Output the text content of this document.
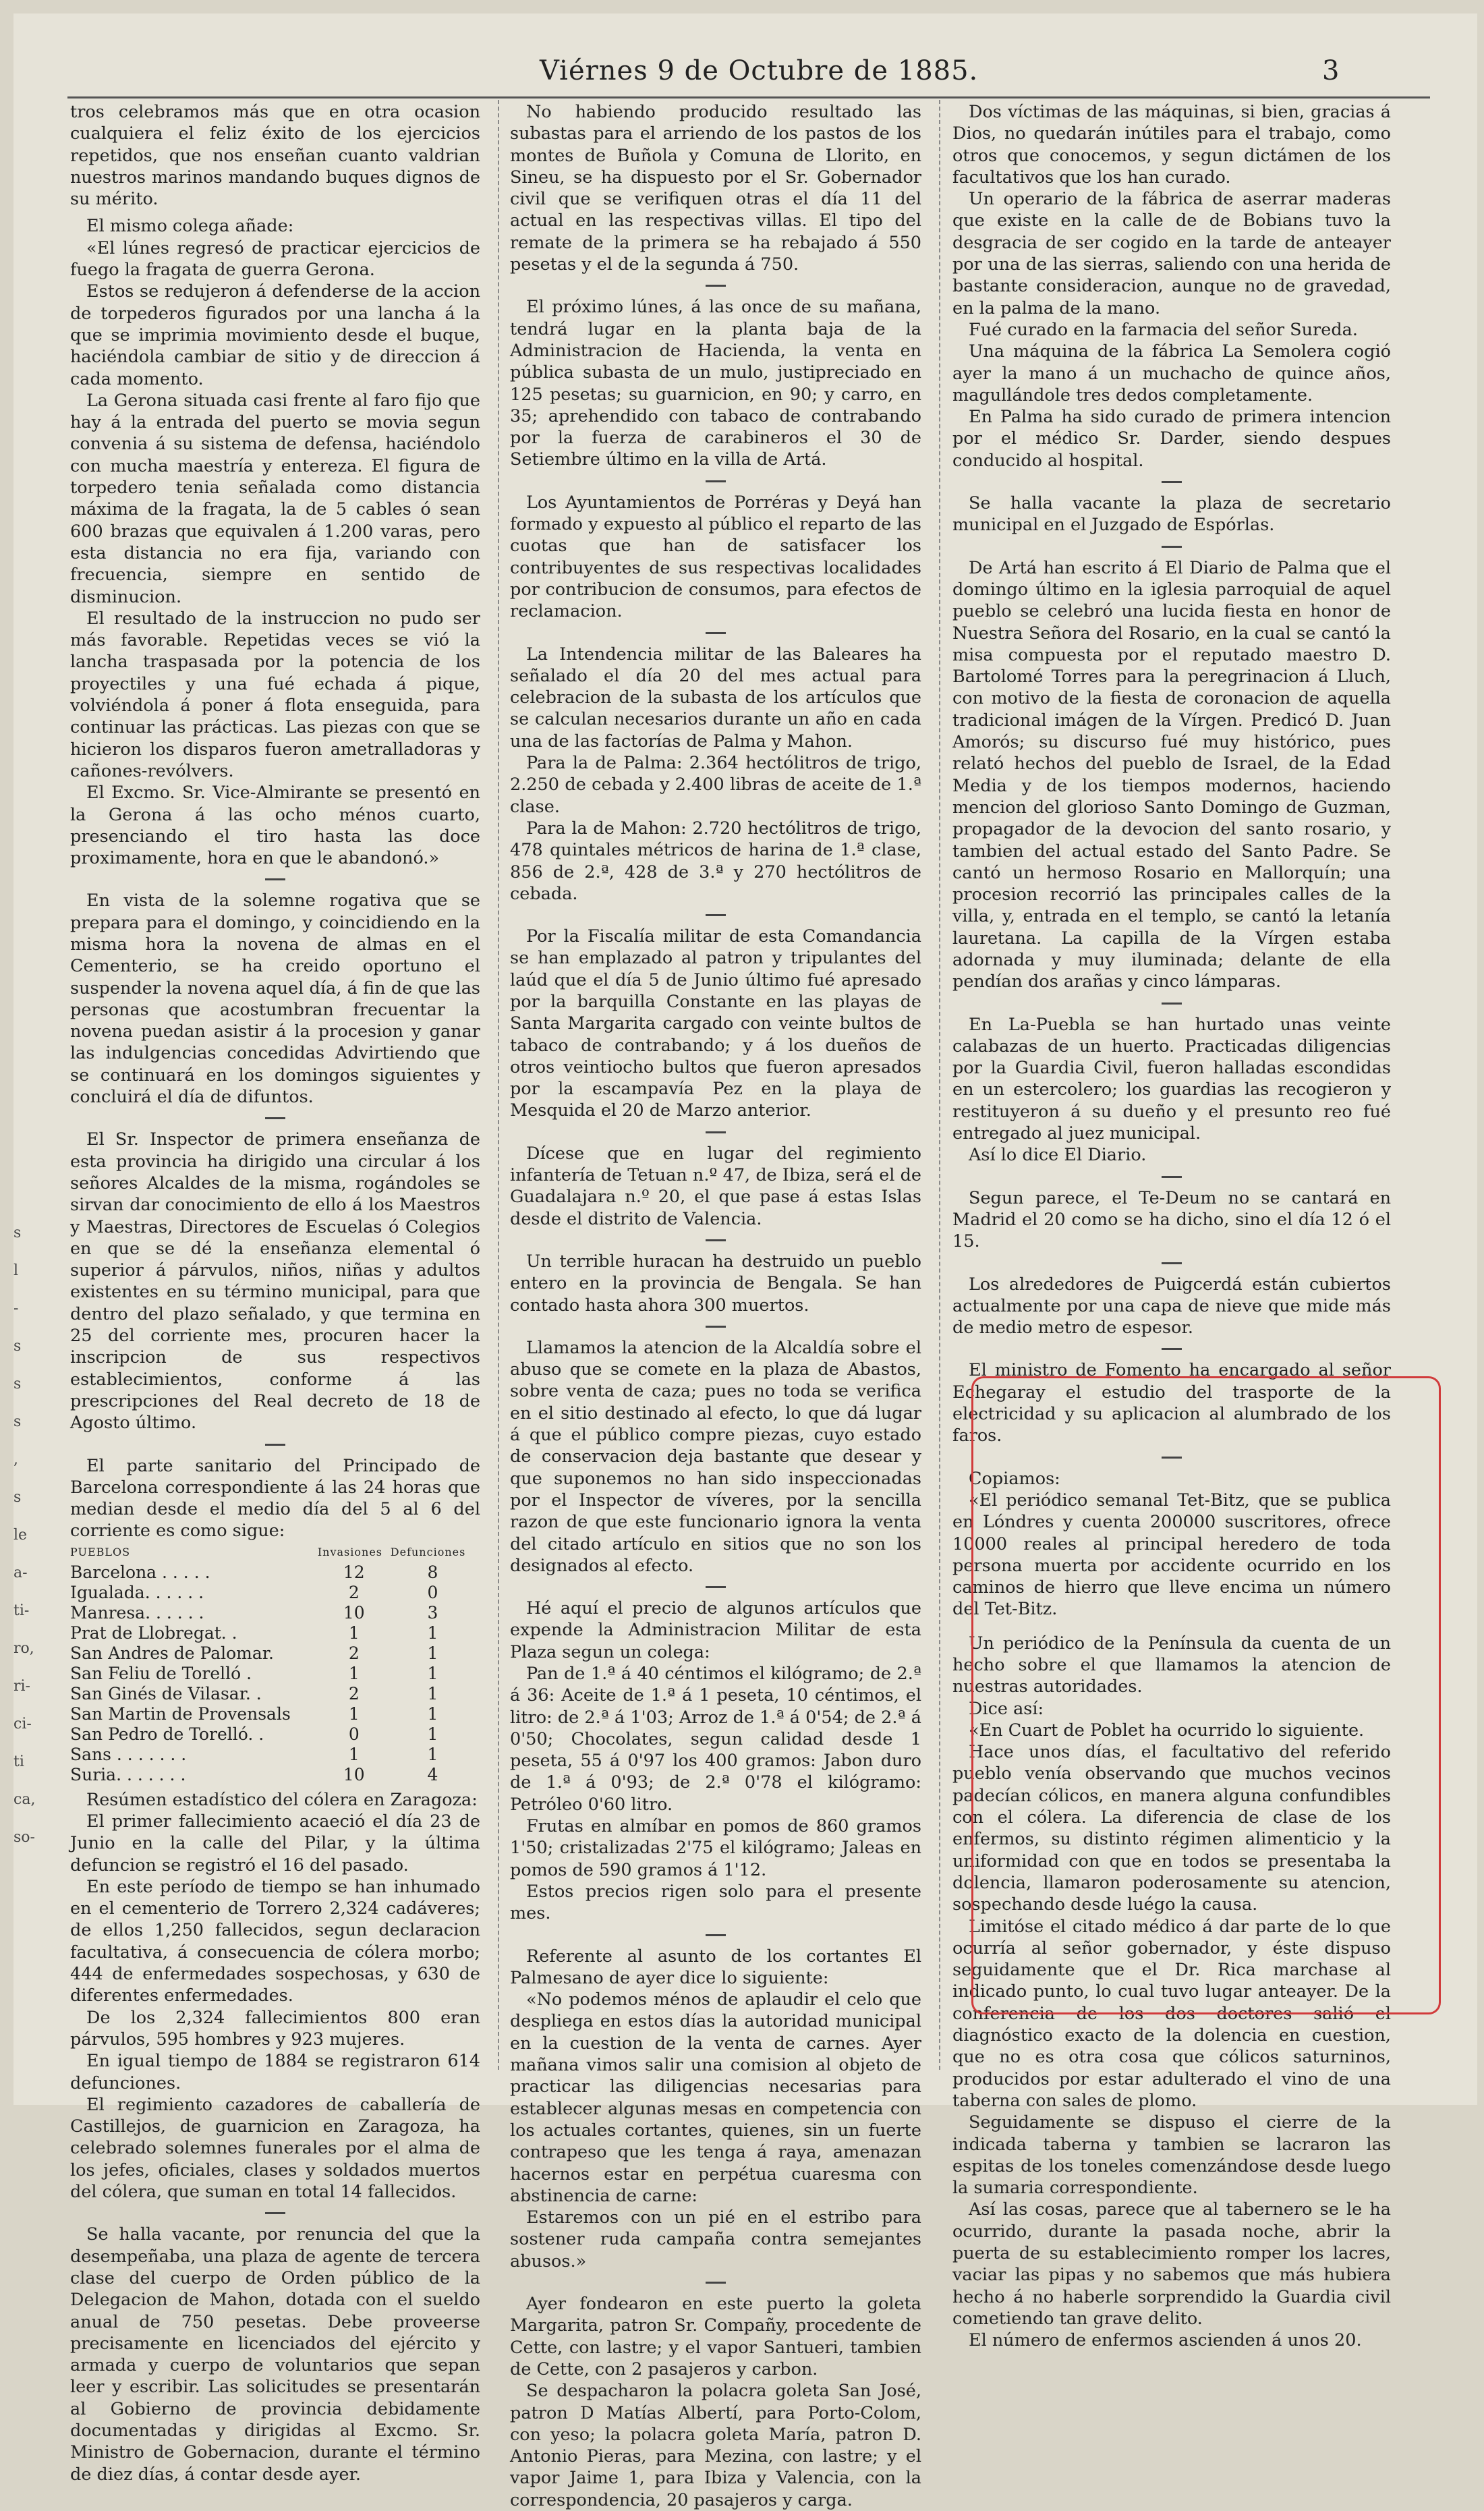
Viérnes 9 de Octubre de 1885.	3
s
l
-
s
s
s
,
s
le
a-
ti-
ro,
ri-
ci-
ti
ca,
so-

tros celebramos más que en otra ocasion cualquiera el feliz éxito de los ejercicios repetidos, que nos enseñan cuanto valdrian nuestros marinos mandando buques dignos de su mérito.

El mismo colega añade:

«El lúnes regresó de practicar ejercicios de fuego la fragata de guerra Gerona.

Estos se redujeron á defenderse de la accion de torpederos figurados por una lancha á la que se imprimia movimiento desde el buque, haciéndola cambiar de sitio y de direccion á cada momento.

La Gerona situada casi frente al faro fijo que hay á la entrada del puerto se movia segun convenia á su sistema de defensa, haciéndolo con mucha maestría y entereza. El figura de torpedero tenia señalada como distancia máxima de la fragata, la de 5 cables ó sean 600 brazas que equivalen á 1.200 varas, pero esta distancia no era fija, variando con frecuencia, siempre en sentido de disminucion.

El resultado de la instruccion no pudo ser más favorable. Repetidas veces se vió la lancha traspasada por la potencia de los proyectiles y una fué echada á pique, volviéndola á poner á flota enseguida, para continuar las prácticas. Las piezas con que se hicieron los disparos fueron ametralladoras y cañones-revólvers.

El Excmo. Sr. Vice-Almirante se presentó en la Gerona á las ocho ménos cuarto, presenciando el tiro hasta las doce proximamente, hora en que le abandonó.»

En vista de la solemne rogativa que se prepara para el domingo, y coincidiendo en la misma hora la novena de almas en el Cementerio, se ha creido oportuno el suspender la novena aquel día, á fin de que las personas que acostumbran frecuentar la novena puedan asistir á la procesion y ganar las indulgencias concedidas Advirtiendo que se continuará en los domingos siguientes y concluirá el día de difuntos.

El Sr. Inspector de primera enseñanza de esta provincia ha dirigido una circular á los señores Alcaldes de la misma, rogándoles se sirvan dar conocimiento de ello á los Maestros y Maestras, Directores de Escuelas ó Colegios en que se dé la enseñanza elemental ó superior á párvulos, niños, niñas y adultos existentes en su término municipal, para que dentro del plazo señalado, y que termina en 25 del corriente mes, procuren hacer la inscripcion de sus respectivos establecimientos, conforme á las prescripciones del Real decreto de 18 de Agosto último.

El parte sanitario del Principado de Barcelona correspondiente á las 24 horas que median desde el medio día del 5 al 6 del corriente es como sigue:

PUEBLOS	Invasiones	Defunciones
Barcelona . . . . .	12	8
Igualada. . . . . .	2	0
Manresa. . . . . .	10	3
Prat de Llobregat. .	1	1
San Andres de Palomar.	2	1
San Feliu de Torelló .	1	1
San Ginés de Vilasar. .	2	1
San Martin de Provensals	1	1
San Pedro de Torelló. .	0	1
Sans . . . . . . .	1	1
Suria. . . . . . .	10	4

Resúmen estadístico del cólera en Zaragoza:

El primer fallecimiento acaeció el día 23 de Junio en la calle del Pilar, y la última defuncion se registró el 16 del pasado.

En este período de tiempo se han inhumado en el cementerio de Torrero 2,324 cadáveres; de ellos 1,250 fallecidos, segun declaracion facultativa, á consecuencia de cólera morbo; 444 de enfermedades sospechosas, y 630 de diferentes enfermedades.

De los 2,324 fallecimientos 800 eran párvulos, 595 hombres y 923 mujeres.

En igual tiempo de 1884 se registraron 614 defunciones.

El regimiento cazadores de caballería de Castillejos, de guarnicion en Zaragoza, ha celebrado solemnes funerales por el alma de los jefes, oficiales, clases y soldados muertos del cólera, que suman en total 14 fallecidos.

Se halla vacante, por renuncia del que la desempeñaba, una plaza de agente de tercera clase del cuerpo de Orden público de la Delegacion de Mahon, dotada con el sueldo anual de 750 pesetas. Debe proveerse precisamente en licenciados del ejército y armada y cuerpo de voluntarios que sepan leer y escribir. Las solicitudes se presentarán al Gobierno de provincia debidamente documentadas y dirigidas al Excmo. Sr. Ministro de Gobernacion, durante el término de diez días, á contar desde ayer.

No habiendo producido resultado las subastas para el arriendo de los pastos de los montes de Buñola y Comuna de Llorito, en Sineu, se ha dispuesto por el Sr. Gobernador civil que se verifiquen otras el día 11 del actual en las respectivas villas. El tipo del remate de la primera se ha rebajado á 550 pesetas y el de la segunda á 750.

El próximo lúnes, á las once de su mañana, tendrá lugar en la planta baja de la Administracion de Hacienda, la venta en pública subasta de un mulo, justipreciado en 125 pesetas; su guarnicion, en 90; y carro, en 35; aprehendido con tabaco de contrabando por la fuerza de carabineros el 30 de Setiembre último en la villa de Artá.

Los Ayuntamientos de Porréras y Deyá han formado y expuesto al público el reparto de las cuotas que han de satisfacer los contribuyentes de sus respectivas localidades por contribucion de consumos, para efectos de reclamacion.

La Intendencia militar de las Baleares ha señalado el día 20 del mes actual para celebracion de la subasta de los artículos que se calculan necesarios durante un año en cada una de las factorías de Palma y Mahon.

Para la de Palma: 2.364 hectólitros de trigo, 2.250 de cebada y 2.400 libras de aceite de 1.ª clase.

Para la de Mahon: 2.720 hectólitros de trigo, 478 quintales métricos de harina de 1.ª clase, 856 de 2.ª, 428 de 3.ª y 270 hectólitros de cebada.

Por la Fiscalía militar de esta Comandancia se han emplazado al patron y tripulantes del laúd que el día 5 de Junio último fué apresado por la barquilla Constante en las playas de Santa Margarita cargado con veinte bultos de tabaco de contrabando; y á los dueños de otros veintiocho bultos que fueron apresados por la escampavía Pez en la playa de Mesquida el 20 de Marzo anterior.

Dícese que en lugar del regimiento infantería de Tetuan n.º 47, de Ibiza, será el de Guadalajara n.º 20, el que pase á estas Islas desde el distrito de Valencia.

Un terrible huracan ha destruido un pueblo entero en la provincia de Bengala. Se han contado hasta ahora 300 muertos.

Llamamos la atencion de la Alcaldía sobre el abuso que se comete en la plaza de Abastos, sobre venta de caza; pues no toda se verifica en el sitio destinado al efecto, lo que dá lugar á que el público compre piezas, cuyo estado de conservacion deja bastante que desear y que suponemos no han sido inspeccionadas por el Inspector de víveres, por la sencilla razon de que este funcionario ignora la venta del citado artículo en sitios que no son los designados al efecto.

Hé aquí el precio de algunos artículos que expende la Administracion Militar de esta Plaza segun un colega:

Pan de 1.ª á 40 céntimos el kilógramo; de 2.ª á 36: Aceite de 1.ª á 1 peseta, 10 céntimos, el litro: de 2.ª á 1'03; Arroz de 1.ª á 0'54; de 2.ª á 0'50; Chocolates, segun calidad desde 1 peseta, 55 á 0'97 los 400 gramos: Jabon duro de 1.ª á 0'93; de 2.ª 0'78 el kilógramo: Petróleo 0'60 litro.

Frutas en almíbar en pomos de 860 gramos 1'50; cristalizadas 2'75 el kilógramo; Jaleas en pomos de 590 gramos á 1'12.

Estos precios rigen solo para el presente mes.

Referente al asunto de los cortantes El Palmesano de ayer dice lo siguiente:

«No podemos ménos de aplaudir el celo que despliega en estos días la autoridad municipal en la cuestion de la venta de carnes. Ayer mañana vimos salir una comision al objeto de practicar las diligencias necesarias para establecer algunas mesas en competencia con los actuales cortantes, quienes, sin un fuerte contrapeso que les tenga á raya, amenazan hacernos estar en perpétua cuaresma con abstinencia de carne:

Estaremos con un pié en el estribo para sostener ruda campaña contra semejantes abusos.»

Ayer fondearon en este puerto la goleta Margarita, patron Sr. Compañy, procedente de Cette, con lastre; y el vapor Santueri, tambien de Cette, con 2 pasajeros y carbon.

Se despacharon la polacra goleta San José, patron D Matías Albertí, para Porto-Colom, con yeso; la polacra goleta María, patron D. Antonio Pieras, para Mezina, con lastre; y el vapor Jaime 1, para Ibiza y Valencia, con la correspondencia, 20 pasajeros y carga.

Dos víctimas de las máquinas, si bien, gracias á Dios, no quedarán inútiles para el trabajo, como otros que conocemos, y segun dictámen de los facultativos que los han curado.

Un operario de la fábrica de aserrar maderas que existe en la calle de de Bobians tuvo la desgracia de ser cogido en la tarde de anteayer por una de las sierras, saliendo con una herida de bastante consideracion, aunque no de gravedad, en la palma de la mano.

Fué curado en la farmacia del señor Sureda.

Una máquina de la fábrica La Semolera cogió ayer la mano á un muchacho de quince años, magullándole tres dedos completamente.

En Palma ha sido curado de primera intencion por el médico Sr. Darder, siendo despues conducido al hospital.

Se halla vacante la plaza de secretario municipal en el Juzgado de Espórlas.

De Artá han escrito á El Diario de Palma que el domingo último en la iglesia parroquial de aquel pueblo se celebró una lucida fiesta en honor de Nuestra Señora del Rosario, en la cual se cantó la misa compuesta por el reputado maestro D. Bartolomé Torres para la peregrinacion á Lluch, con motivo de la fiesta de coronacion de aquella tradicional imágen de la Vírgen. Predicó D. Juan Amorós; su discurso fué muy histórico, pues relató hechos del pueblo de Israel, de la Edad Media y de los tiempos modernos, haciendo mencion del glorioso Santo Domingo de Guzman, propagador de la devocion del santo rosario, y tambien del actual estado del Santo Padre. Se cantó un hermoso Rosario en Mallorquín; una procesion recorrió las principales calles de la villa, y, entrada en el templo, se cantó la letanía lauretana. La capilla de la Vírgen estaba adornada y muy iluminada; delante de ella pendían dos arañas y cinco lámparas.

En La-Puebla se han hurtado unas veinte calabazas de un huerto. Practicadas diligencias por la Guardia Civil, fueron halladas escondidas en un estercolero; los guardias las recogieron y restituyeron á su dueño y el presunto reo fué entregado al juez municipal.

Así lo dice El Diario.

Segun parece, el Te-Deum no se cantará en Madrid el 20 como se ha dicho, sino el día 12 ó el 15.

Los alrededores de Puigcerdá están cubiertos actualmente por una capa de nieve que mide más de medio metro de espesor.

El ministro de Fomento ha encargado al señor Echegaray el estudio del trasporte de la electricidad y su aplicacion al alumbrado de los faros.

Copiamos:

«El periódico semanal Tet-Bitz, que se publica en Lóndres y cuenta 200000 suscritores, ofrece 10000 reales al principal heredero de toda persona muerta por accidente ocurrido en los caminos de hierro que lleve encima un número del Tet-Bitz.

Un periódico de la Península da cuenta de un hecho sobre el que llamamos la atencion de nuestras autoridades.

Dice así:

«En Cuart de Poblet ha ocurrido lo siguiente.

Hace unos días, el facultativo del referido pueblo venía observando que muchos vecinos padecían cólicos, en manera alguna confundibles con el cólera. La diferencia de clase de los enfermos, su distinto régimen alimenticio y la uniformidad con que en todos se presentaba la dolencia, llamaron poderosamente su atencion, sospechando desde luégo la causa.

Limitóse el citado médico á dar parte de lo que ocurría al señor gobernador, y éste dispuso seguidamente que el Dr. Rica marchase al indicado punto, lo cual tuvo lugar anteayer. De la conferencia de los dos doctores salió el diagnóstico exacto de la dolencia en cuestion, que no es otra cosa que cólicos saturninos, producidos por estar adulterado el vino de una taberna con sales de plomo.

Seguidamente se dispuso el cierre de la indicada taberna y tambien se lacraron las espitas de los toneles comenzándose desde luego la sumaria correspondiente.

Así las cosas, parece que al tabernero se le ha ocurrido, durante la pasada noche, abrir la puerta de su establecimiento romper los lacres, vaciar las pipas y no sabemos que más hubiera hecho á no haberle sorprendido la Guardia civil cometiendo tan grave delito.

El número de enfermos ascienden á unos 20.
